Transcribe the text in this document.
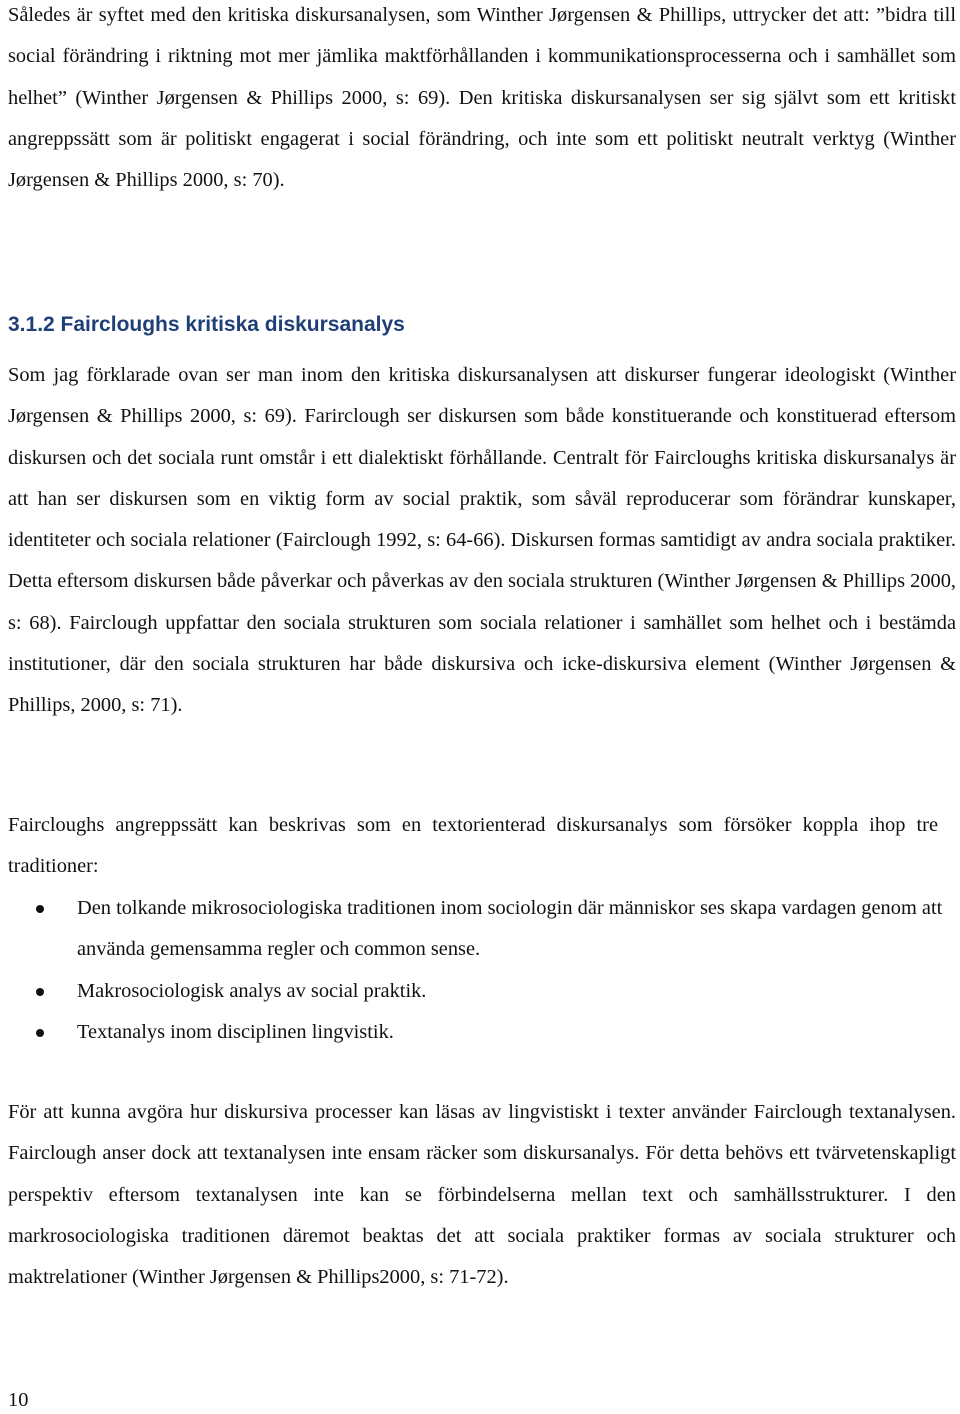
Således är syftet med den kritiska diskursanalysen, som Winther Jørgensen & Phillips, uttrycker det att: ”bidra till social förändring i riktning mot mer jämlika maktförhållanden i kommunikationsprocesserna och i samhället som helhet” (Winther Jørgensen & Phillips 2000, s: 69). Den kritiska diskursanalysen ser sig självt som ett kritiskt angreppssätt som är politiskt engagerat i social förändring, och inte som ett politiskt neutralt verktyg (Winther Jørgensen & Phillips 2000, s: 70).

3.1.2 Faircloughs kritiska diskursanalys

Som jag förklarade ovan ser man inom den kritiska diskursanalysen att diskurser fungerar ideologiskt (Winther Jørgensen & Phillips 2000, s: 69). Farirclough ser diskursen som både konstituerande och konstituerad eftersom diskursen och det sociala runt omstår i ett dialektiskt förhållande. Centralt för Faircloughs kritiska diskursanalys är att han ser diskursen som en viktig form av social praktik, som såväl reproducerar som förändrar kunskaper, identiteter och sociala relationer (Fairclough 1992, s: 64-66). Diskursen formas samtidigt av andra sociala praktiker. Detta eftersom diskursen både påverkar och påverkas av den sociala strukturen (Winther Jørgensen & Phillips 2000, s: 68). Fairclough uppfattar den sociala strukturen som sociala relationer i samhället som helhet och i bestämda institutioner, där den sociala strukturen har både diskursiva och icke-diskursiva element (Winther Jørgensen & Phillips, 2000, s: 71).

Faircloughs angreppssätt kan beskrivas som en textorienterad diskursanalys som försöker koppla ihop tre traditioner:

Den tolkande mikrosociologiska traditionen inom sociologin där människor ses skapa vardagen genom att använda gemensamma regler och common sense.
Makrosociologisk analys av social praktik.
Textanalys inom disciplinen lingvistik.

För att kunna avgöra hur diskursiva processer kan läsas av lingvistiskt i texter använder Fairclough textanalysen. Fairclough anser dock att textanalysen inte ensam räcker som diskursanalys. För detta behövs ett tvärvetenskapligt perspektiv eftersom textanalysen inte kan se förbindelserna mellan text och samhällsstrukturer. I den markrosociologiska traditionen däremot beaktas det att sociala praktiker formas av sociala strukturer och maktrelationer (Winther Jørgensen & Phillips2000, s: 71-72).

10
